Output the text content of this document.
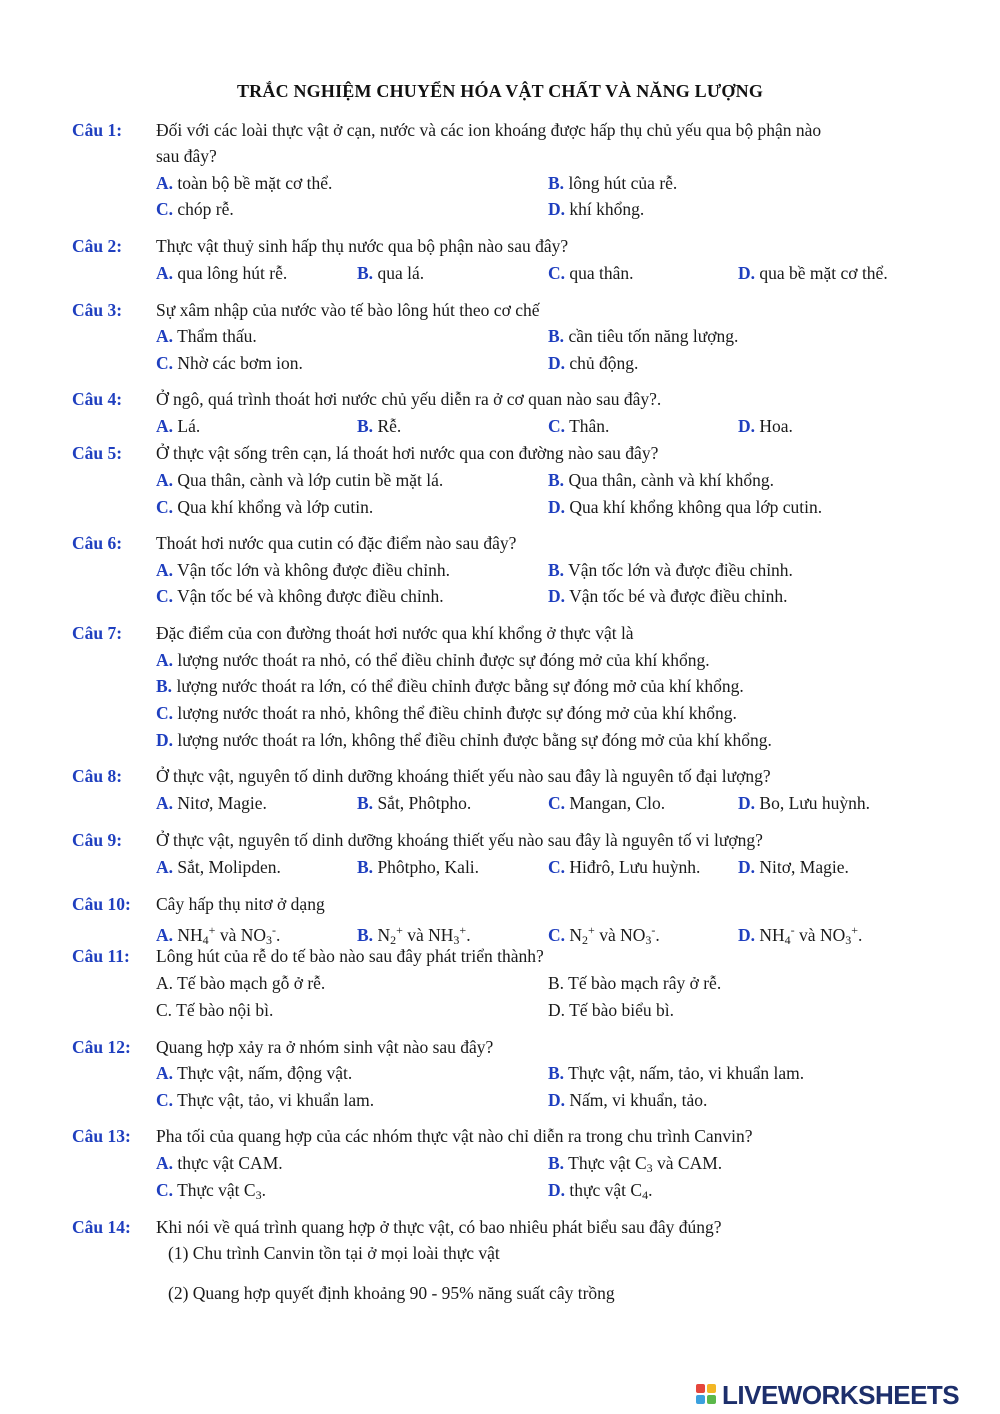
TRẮC NGHIỆM CHUYỂN HÓA VẬT CHẤT VÀ NĂNG LƯỢNG
Câu 1: Đối với các loài thực vật ở cạn, nước và các ion khoáng được hấp thụ chủ yếu qua bộ phận nào
sau đây?
A. toàn bộ bề mặt cơ thể.	B. lông hút của rễ.
C. chóp rễ.	D. khí khổng.
Câu 2: Thực vật thuỷ sinh hấp thụ nước qua bộ phận nào sau đây?
A. qua lông hút rễ.	B. qua lá.	C. qua thân.	D. qua bề mặt cơ thể.
Câu 3: Sự xâm nhập của nước vào tế bào lông hút theo cơ chế
A. Thẩm thấu.	B. cần tiêu tốn năng lượng.
C. Nhờ các bơm ion.	D. chủ động.
Câu 4: Ở ngô, quá trình thoát hơi nước chủ yếu diễn ra ở cơ quan nào sau đây?.
A. Lá.	B. Rễ.	C. Thân.	D. Hoa.
Câu 5: Ở thực vật sống trên cạn, lá thoát hơi nước qua con đường nào sau đây?
A. Qua thân, cành và lớp cutin bề mặt lá.	B. Qua thân, cành và khí khổng.
C. Qua khí khổng và lớp cutin.	D. Qua khí khổng không qua lớp cutin.
Câu 6: Thoát hơi nước qua cutin có đặc điểm nào sau đây?
A. Vận tốc lớn và không được điều chỉnh.	B. Vận tốc lớn và được điều chỉnh.
C. Vận tốc bé và không được điều chỉnh.	D. Vận tốc bé và được điều chỉnh.
Câu 7: Đặc điểm của con đường thoát hơi nước qua khí khổng ở thực vật là
A. lượng nước thoát ra nhỏ, có thể điều chỉnh được sự đóng mở của khí khổng.
B. lượng nước thoát ra lớn, có thể điều chỉnh được bằng sự đóng mở của khí khổng.
C. lượng nước thoát ra nhỏ, không thể điều chỉnh được sự đóng mở của khí khổng.
D. lượng nước thoát ra lớn, không thể điều chỉnh được bằng sự đóng mở của khí khổng.
Câu 8: Ở thực vật, nguyên tố dinh dưỡng khoáng thiết yếu nào sau đây là nguyên tố đại lượng?
A. Nitơ, Magie.	B. Sắt, Phôtpho.	C. Mangan, Clo.	D. Bo, Lưu huỳnh.
Câu 9: Ở thực vật, nguyên tố dinh dưỡng khoáng thiết yếu nào sau đây là nguyên tố vi lượng?
A. Sắt, Molipden.	B. Phôtpho, Kali.	C. Hiđrô, Lưu huỳnh. D. Nitơ, Magie.
Câu 10: Cây hấp thụ nitơ ở dạng
A. $NH_4^+$ và $NO_3^-$.	B. $N_2^+$ và $NH_3^+$.	C. $N_2^+$ và $NO_3^-$.	D. $NH_4^-$ và $NO_3^+$.
Câu 11: Lông hút của rễ do tế bào nào sau đây phát triển thành?
A. Tế bào mạch gỗ ở rễ.	B. Tế bào mạch rây ở rễ.
C. Tế bào nội bì.	D. Tế bào biểu bì.
Câu 12: Quang hợp xảy ra ở nhóm sinh vật nào sau đây?
A. Thực vật, nấm, động vật.	B. Thực vật, nấm, tảo, vi khuẩn lam.
C. Thực vật, tảo, vi khuẩn lam.	D. Nấm, vi khuẩn, tảo.
Câu 13: Pha tối của quang hợp của các nhóm thực vật nào chỉ diễn ra trong chu trình Canvin?
A. thực vật CAM.	B. Thực vật $C_3$ và CAM.
C. Thực vật $C_3$.	D. thực vật $C_4$.
Câu 14: Khi nói về quá trình quang hợp ở thực vật, có bao nhiêu phát biểu sau đây đúng?
(1) Chu trình Canvin tồn tại ở mọi loài thực vật
(2) Quang hợp quyết định khoảng 90 - 95% năng suất cây trồng
LIVEWORKSHEETS
